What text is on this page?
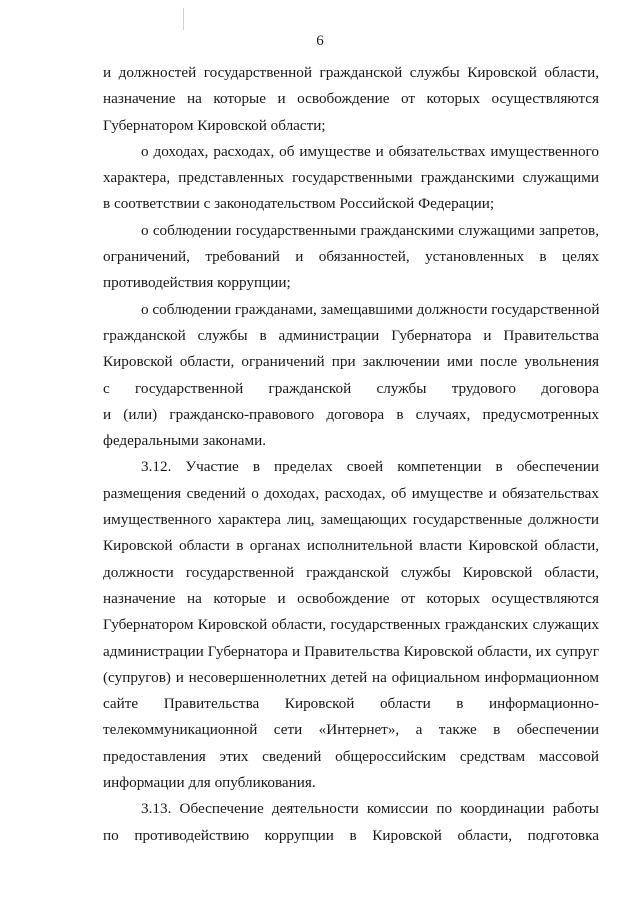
6
и должностей государственной гражданской службы Кировской области,
назначение на которые и освобождение от которых осуществляются
Губернатором Кировской области;
о доходах, расходах, об имуществе и обязательствах имущественного
характера, представленных государственными гражданскими служащими
в соответствии с законодательством Российской Федерации;
о соблюдении государственными гражданскими служащими запретов,
ограничений, требований и обязанностей, установленных в целях
противодействия коррупции;
о соблюдении гражданами, замещавшими должности государственной
гражданской службы в администрации Губернатора и Правительства
Кировской области, ограничений при заключении ими после увольнения
с государственной гражданской службы трудового договора
и (или) гражданско-правового договора в случаях, предусмотренных
федеральными законами.
3.12. Участие в пределах своей компетенции в обеспечении
размещения сведений о доходах, расходах, об имуществе и обязательствах
имущественного характера лиц, замещающих государственные должности
Кировской области в органах исполнительной власти Кировской области,
должности государственной гражданской службы Кировской области,
назначение на которые и освобождение от которых осуществляются
Губернатором Кировской области, государственных гражданских служащих
администрации Губернатора и Правительства Кировской области, их супруг
(супругов) и несовершеннолетних детей на официальном информационном
сайте Правительства Кировской области в информационно-
телекоммуникационной сети «Интернет», а также в обеспечении
предоставления этих сведений общероссийским средствам массовой
информации для опубликования.
3.13. Обеспечение деятельности комиссии по координации работы
по противодействию коррупции в Кировской области, подготовка
